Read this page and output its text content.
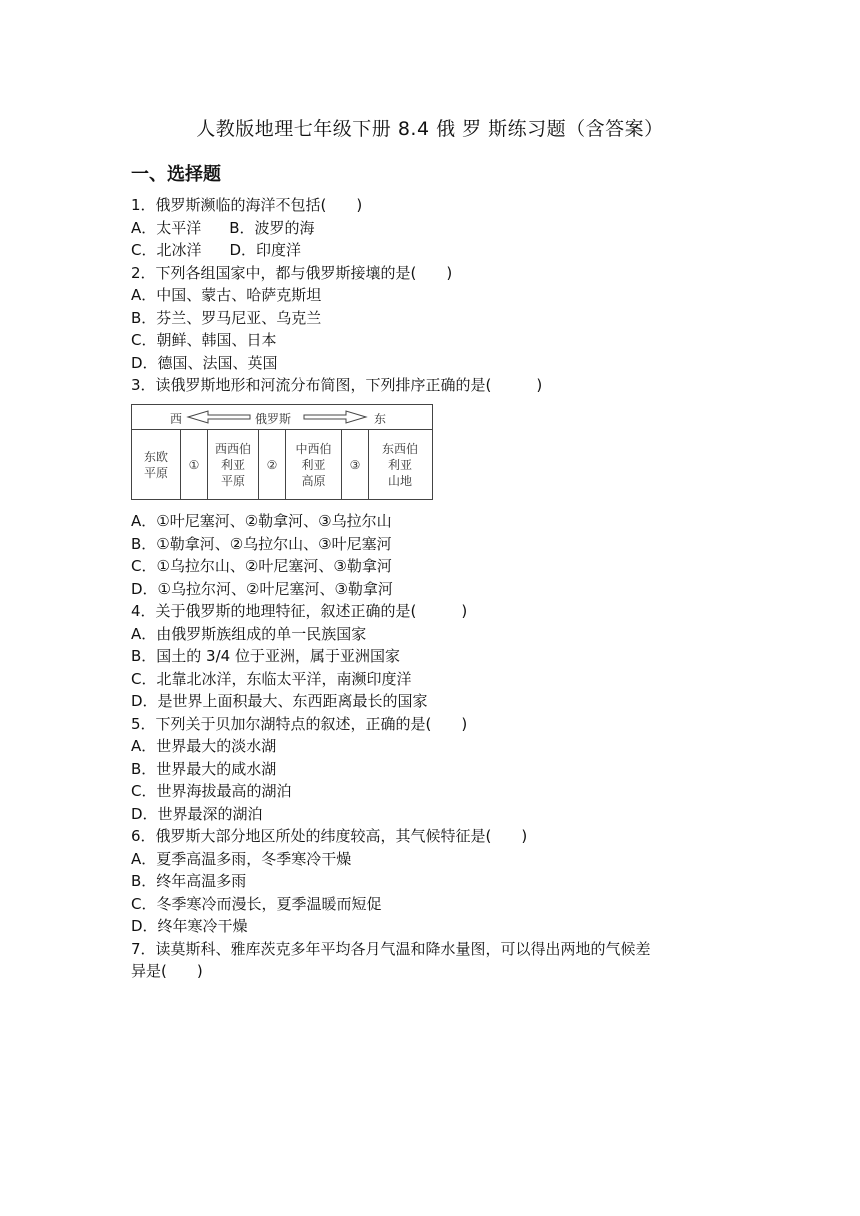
人教版地理七年级下册 8.4 俄 罗 斯练习题（含答案）
一、选择题
1．俄罗斯濒临的海洋不包括(　　)
A．太平洋 B．波罗的海
C．北冰洋 D．印度洋
2．下列各组国家中，都与俄罗斯接壤的是(　　)
A．中国、蒙古、哈萨克斯坦
B．芬兰、罗马尼亚、乌克兰
C．朝鲜、韩国、日本
D．德国、法国、英国
3．读俄罗斯地形和河流分布简图，下列排序正确的是(　　　)
西	俄罗斯	东
东欧
平原
①
西西伯
利亚
平原
②
中西伯
利亚
高原
③
东西伯
利亚
山地
A．①叶尼塞河、②勒拿河、③乌拉尔山
B．①勒拿河、②乌拉尔山、③叶尼塞河
C．①乌拉尔山、②叶尼塞河、③勒拿河
D．①乌拉尔河、②叶尼塞河、③勒拿河
4．关于俄罗斯的地理特征，叙述正确的是(　　　)
A．由俄罗斯族组成的单一民族国家
B．国土的 3/4 位于亚洲，属于亚洲国家
C．北靠北冰洋，东临太平洋，南濒印度洋
D．是世界上面积最大、东西距离最长的国家
5．下列关于贝加尔湖特点的叙述，正确的是(　　)
A．世界最大的淡水湖
B．世界最大的咸水湖
C．世界海拔最高的湖泊
D．世界最深的湖泊
6．俄罗斯大部分地区所处的纬度较高，其气候特征是(　　)
A．夏季高温多雨，冬季寒冷干燥
B．终年高温多雨
C．冬季寒冷而漫长，夏季温暖而短促
D．终年寒冷干燥
7．读莫斯科、雅库茨克多年平均各月气温和降水量图，可以得出两地的气候差
异是(　　)
